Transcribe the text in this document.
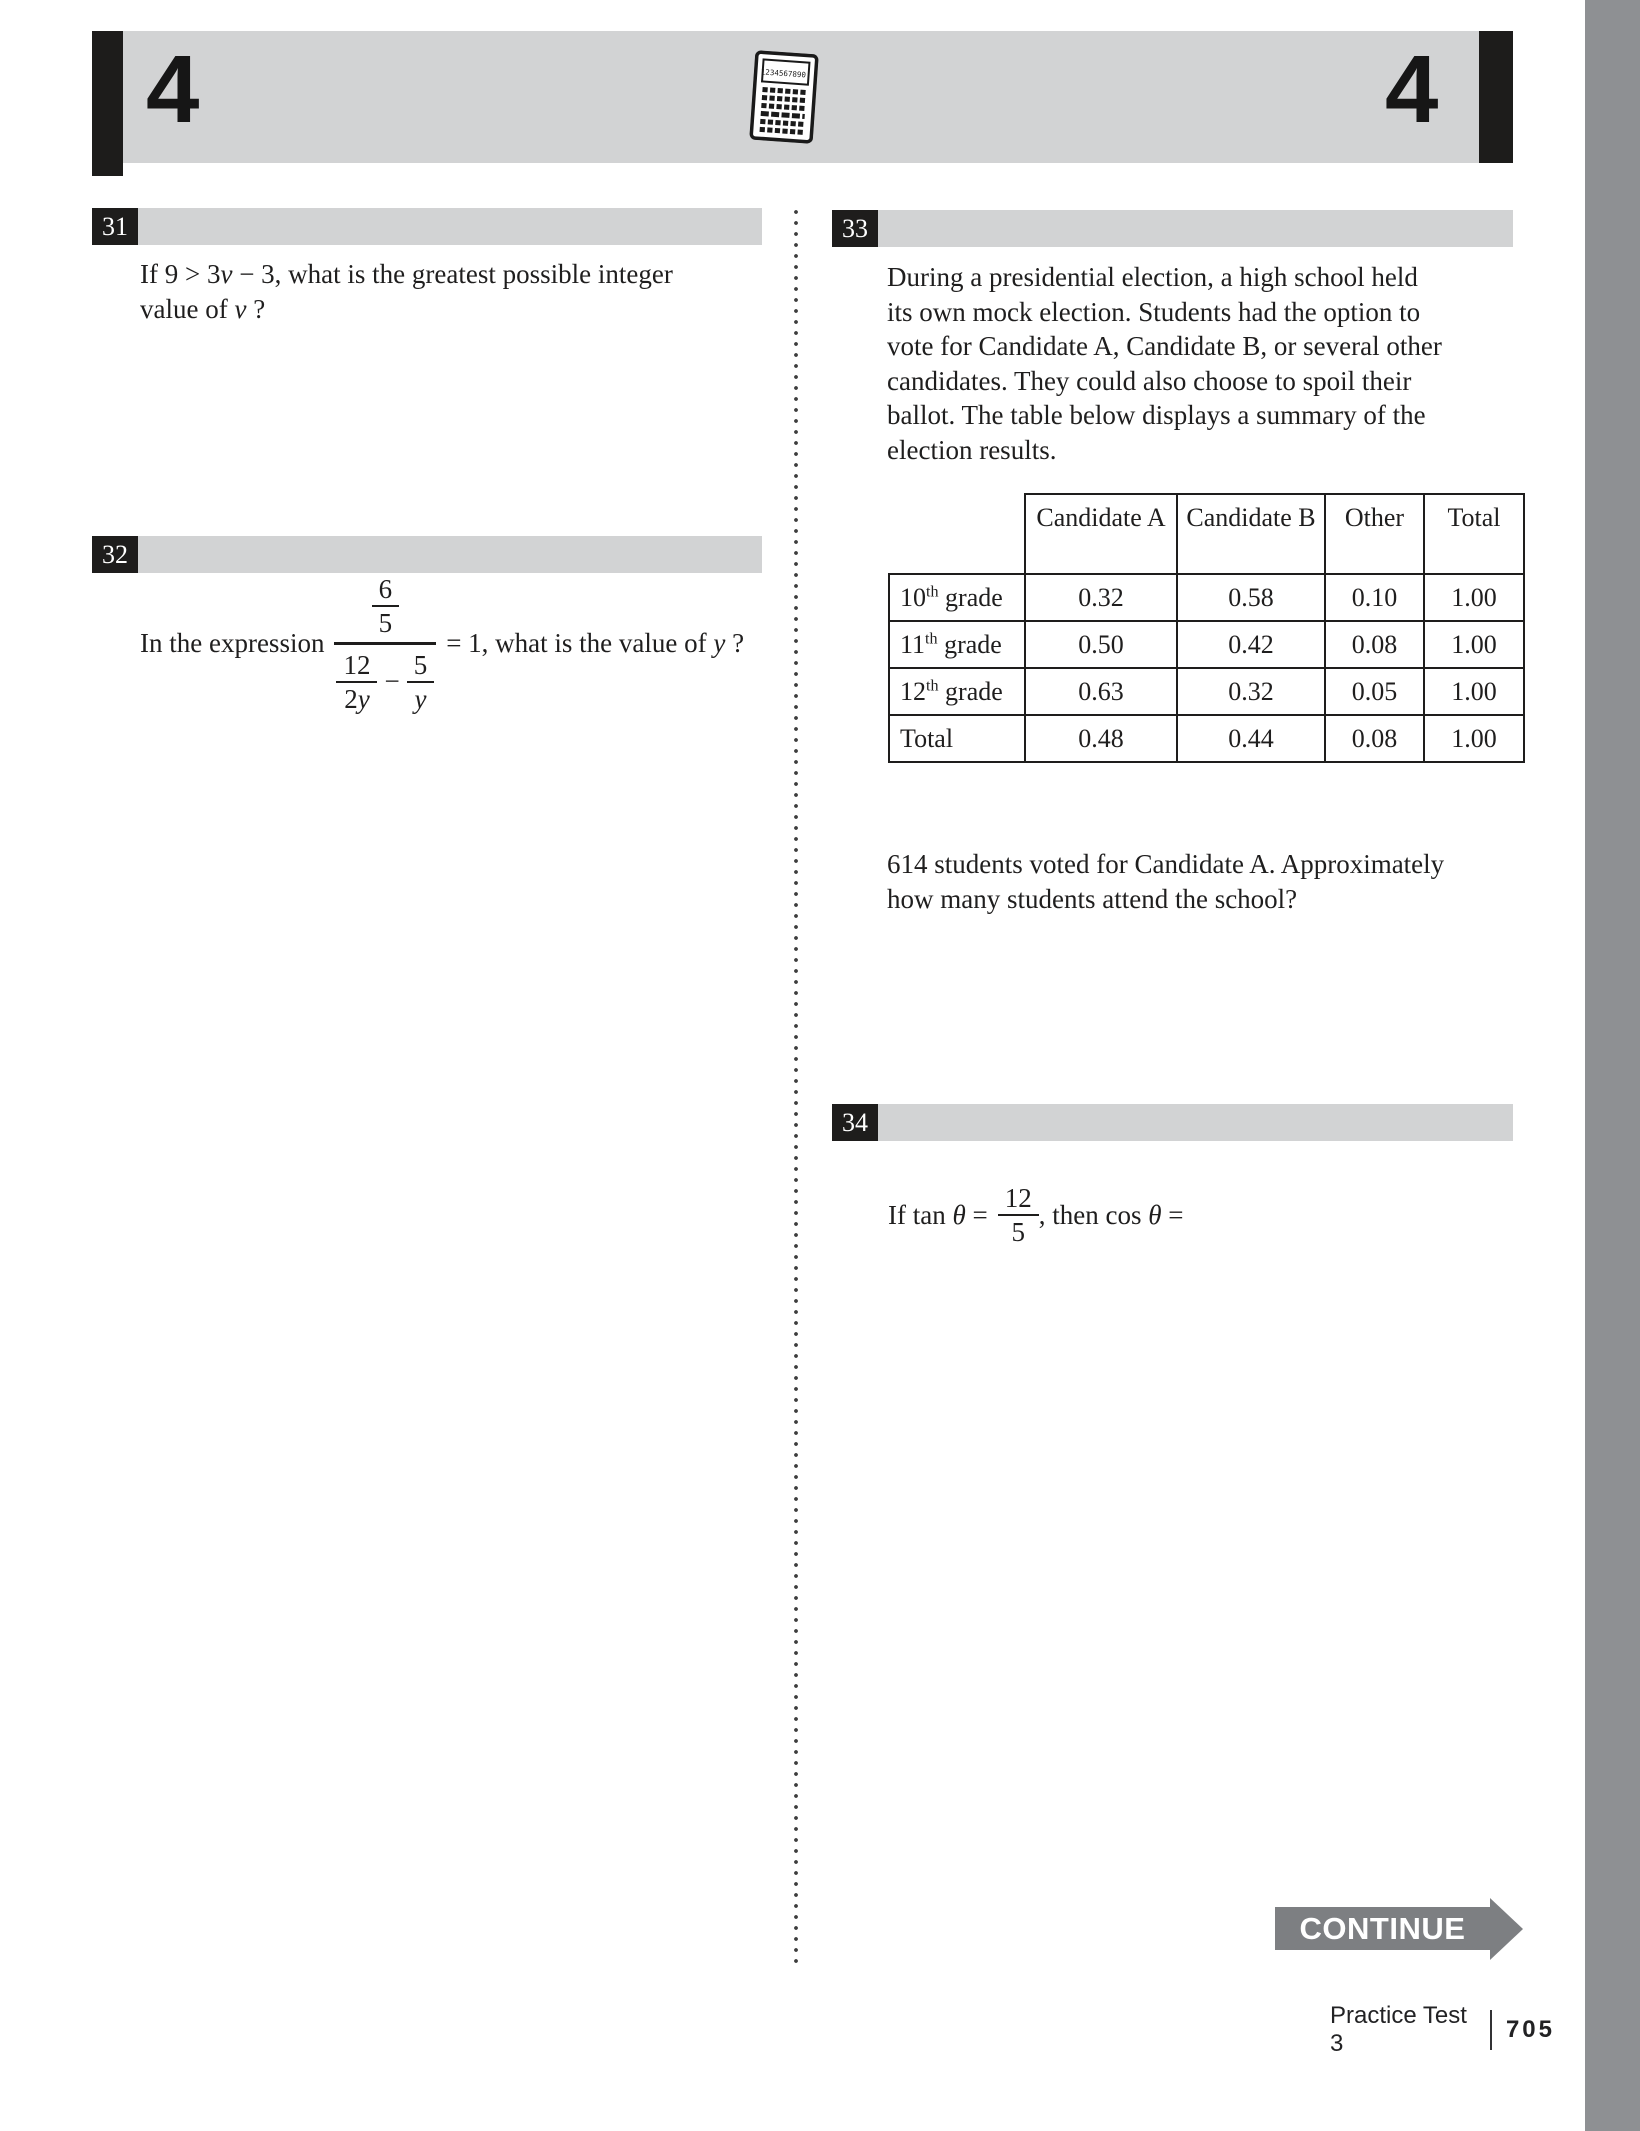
4	4
1234567890.
31
If 9 > 3v − 3, what is the greatest possible integer
value of v ?
32
In the expression
6
5
12
2y
− $\frac{5}{y}$
= 1, what is the value of y ?
33
During a presidential election, a high school held
its own mock election. Students had the option to
vote for Candidate A, Candidate B, or several other
candidates. They could also choose to spoil their
ballot. The table below displays a summary of the
election results.
	Candidate A	Candidate B	Other	Total
10th grade	0.32	0.58	0.10	1.00
11th grade	0.50	0.42	0.08	1.00
12th grade	0.63	0.32	0.05	1.00
Total	0.48	0.44	0.08	1.00
614 students voted for Candidate A. Approximately
how many students attend the school?
34
If $\tan \theta = \frac{12}{5}$ , then cos θ =
CONTINUE
Practice Test 3
705
